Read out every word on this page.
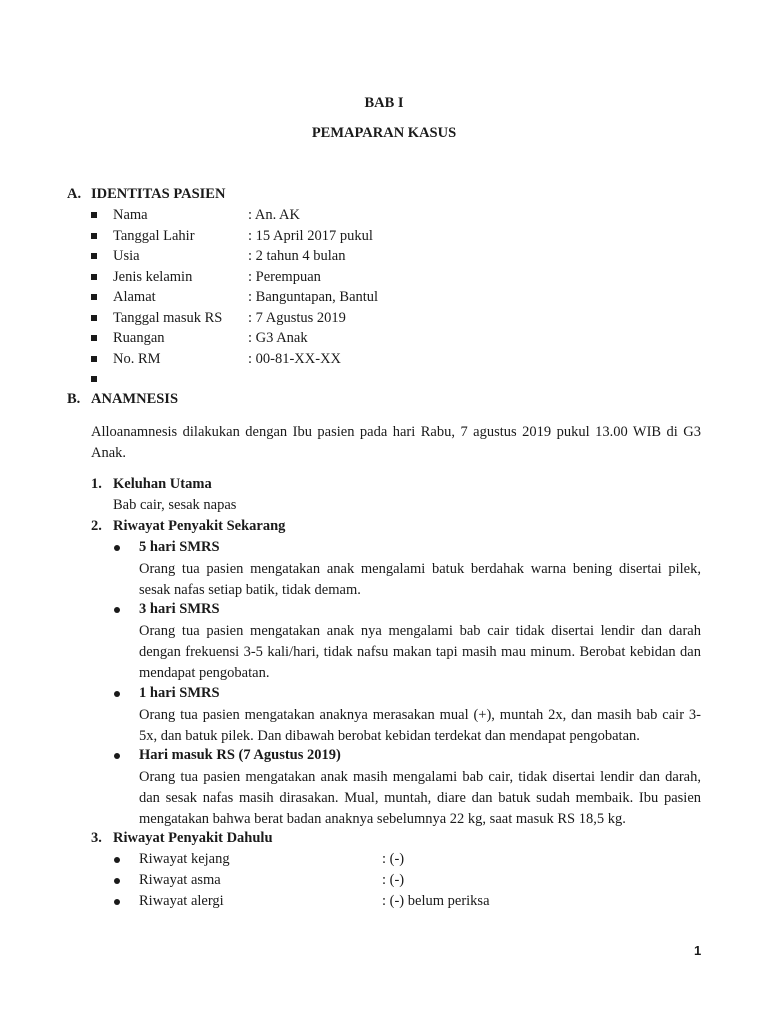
BAB I
PEMAPARAN KASUS
A. IDENTITAS PASIEN
Nama	: An. AK
Tanggal Lahir	: 15 April 2017 pukul
Usia	: 2 tahun 4 bulan
Jenis kelamin	: Perempuan
Alamat	: Banguntapan, Bantul
Tanggal masuk RS : 7 Agustus 2019
Ruangan	: G3 Anak
No. RM	: 00-81-XX-XX
B. ANAMNESIS
Alloanamnesis dilakukan dengan Ibu pasien pada hari Rabu, 7 agustus 2019 pukul 13.00 WIB di G3 Anak.
1. Keluhan Utama
Bab cair, sesak napas
2. Riwayat Penyakit Sekarang
5 hari SMRS
Orang tua pasien mengatakan anak mengalami batuk berdahak warna bening disertai pilek, sesak nafas setiap batik, tidak demam.
3 hari SMRS
Orang tua pasien mengatakan anak nya mengalami bab cair tidak disertai lendir dan darah dengan frekuensi 3-5 kali/hari, tidak nafsu makan tapi masih mau minum. Berobat kebidan dan mendapat pengobatan.
1 hari SMRS
Orang tua pasien mengatakan anaknya merasakan mual (+), muntah 2x, dan masih bab cair 3-5x, dan batuk pilek. Dan dibawah berobat kebidan terdekat dan mendapat pengobatan.
Hari masuk RS (7 Agustus 2019)
Orang tua pasien mengatakan anak masih mengalami bab cair, tidak disertai lendir dan darah, dan sesak nafas masih dirasakan. Mual, muntah, diare dan batuk sudah membaik. Ibu pasien mengatakan bahwa berat badan anaknya sebelumnya 22 kg, saat masuk RS 18,5 kg.
3. Riwayat Penyakit Dahulu
Riwayat kejang	: (-)
Riwayat asma	: (-)
Riwayat alergi	: (-) belum periksa
1
